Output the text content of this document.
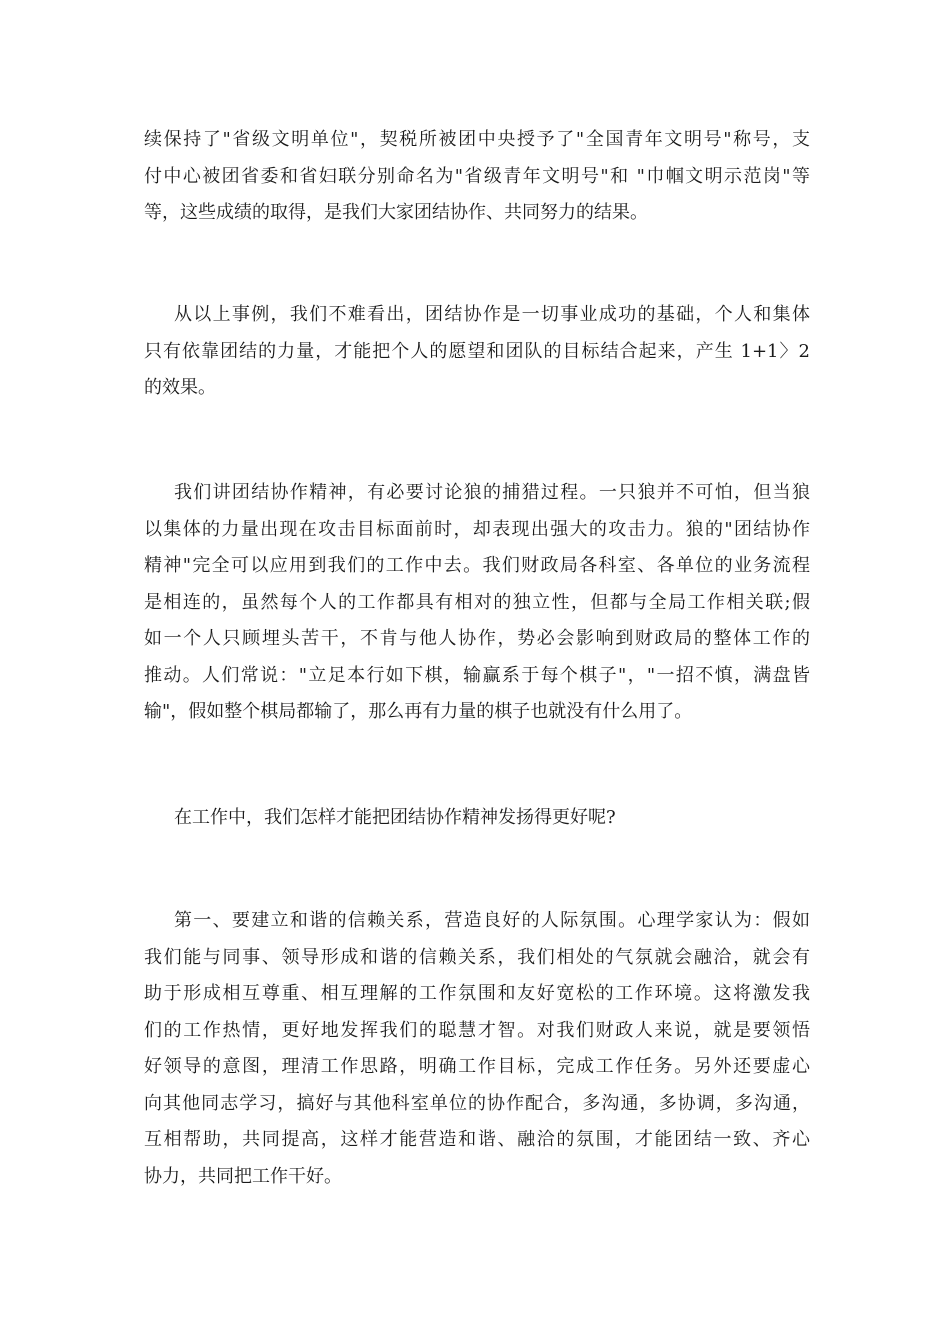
续保持了"省级文明单位"，契税所被团中央授予了"全国青年文明号"称号，支
付中心被团省委和省妇联分别命名为"省级青年文明号"和 "巾帼文明示范岗"等
等，这些成绩的取得，是我们大家团结协作、共同努力的结果。
从以上事例，我们不难看出，团结协作是一切事业成功的基础，个人和集体
只有依靠团结的力量，才能把个人的愿望和团队的目标结合起来，产生 1+1〉2
的效果。
我们讲团结协作精神，有必要讨论狼的捕猎过程。一只狼并不可怕，但当狼
以集体的力量出现在攻击目标面前时，却表现出强大的攻击力。狼的"团结协作
精神"完全可以应用到我们的工作中去。我们财政局各科室、各单位的业务流程
是相连的，虽然每个人的工作都具有相对的独立性，但都与全局工作相关联;假
如一个人只顾埋头苦干，不肯与他人协作，势必会影响到财政局的整体工作的
推动。人们常说："立足本行如下棋，输赢系于每个棋子"，"一招不慎，满盘皆
输"，假如整个棋局都输了，那么再有力量的棋子也就没有什么用了。
在工作中，我们怎样才能把团结协作精神发扬得更好呢?
第一、要建立和谐的信赖关系，营造良好的人际氛围。心理学家认为：假如
我们能与同事、领导形成和谐的信赖关系，我们相处的气氛就会融洽，就会有
助于形成相互尊重、相互理解的工作氛围和友好宽松的工作环境。这将激发我
们的工作热情，更好地发挥我们的聪慧才智。对我们财政人来说，就是要领悟
好领导的意图，理清工作思路，明确工作目标，完成工作任务。另外还要虚心
向其他同志学习，搞好与其他科室单位的协作配合，多沟通，多协调，多沟通，
互相帮助，共同提高，这样才能营造和谐、融洽的氛围，才能团结一致、齐心
协力，共同把工作干好。
